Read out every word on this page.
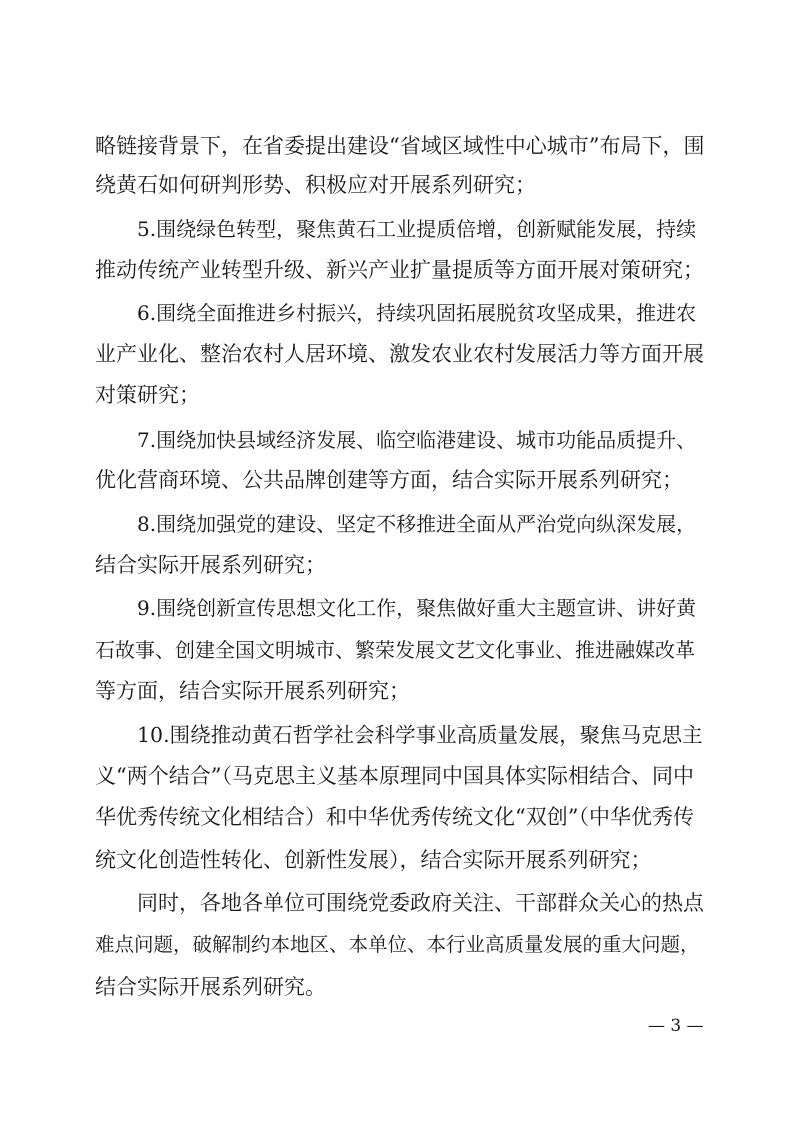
略链接背景下，在省委提出建设“省域区域性中心城市”布局下，围
绕黄石如何研判形势、积极应对开展系列研究；
5.围绕绿色转型，聚焦黄石工业提质倍增，创新赋能发展，持续
推动传统产业转型升级、新兴产业扩量提质等方面开展对策研究；
6.围绕全面推进乡村振兴，持续巩固拓展脱贫攻坚成果，推进农
业产业化、整治农村人居环境、激发农业农村发展活力等方面开展
对策研究；
7.围绕加快县域经济发展、临空临港建设、城市功能品质提升、
优化营商环境、公共品牌创建等方面，结合实际开展系列研究；
8.围绕加强党的建设、坚定不移推进全面从严治党向纵深发展，
结合实际开展系列研究；
9.围绕创新宣传思想文化工作，聚焦做好重大主题宣讲、讲好黄
石故事、创建全国文明城市、繁荣发展文艺文化事业、推进融媒改革
等方面，结合实际开展系列研究；
10.围绕推动黄石哲学社会科学事业高质量发展，聚焦马克思主
义“两个结合”（马克思主义基本原理同中国具体实际相结合、同中
华优秀传统文化相结合）和中华优秀传统文化“双创”（中华优秀传
统文化创造性转化、创新性发展），结合实际开展系列研究；
同时，各地各单位可围绕党委政府关注、干部群众关心的热点
难点问题，破解制约本地区、本单位、本行业高质量发展的重大问题，
结合实际开展系列研究。
— 3 —
